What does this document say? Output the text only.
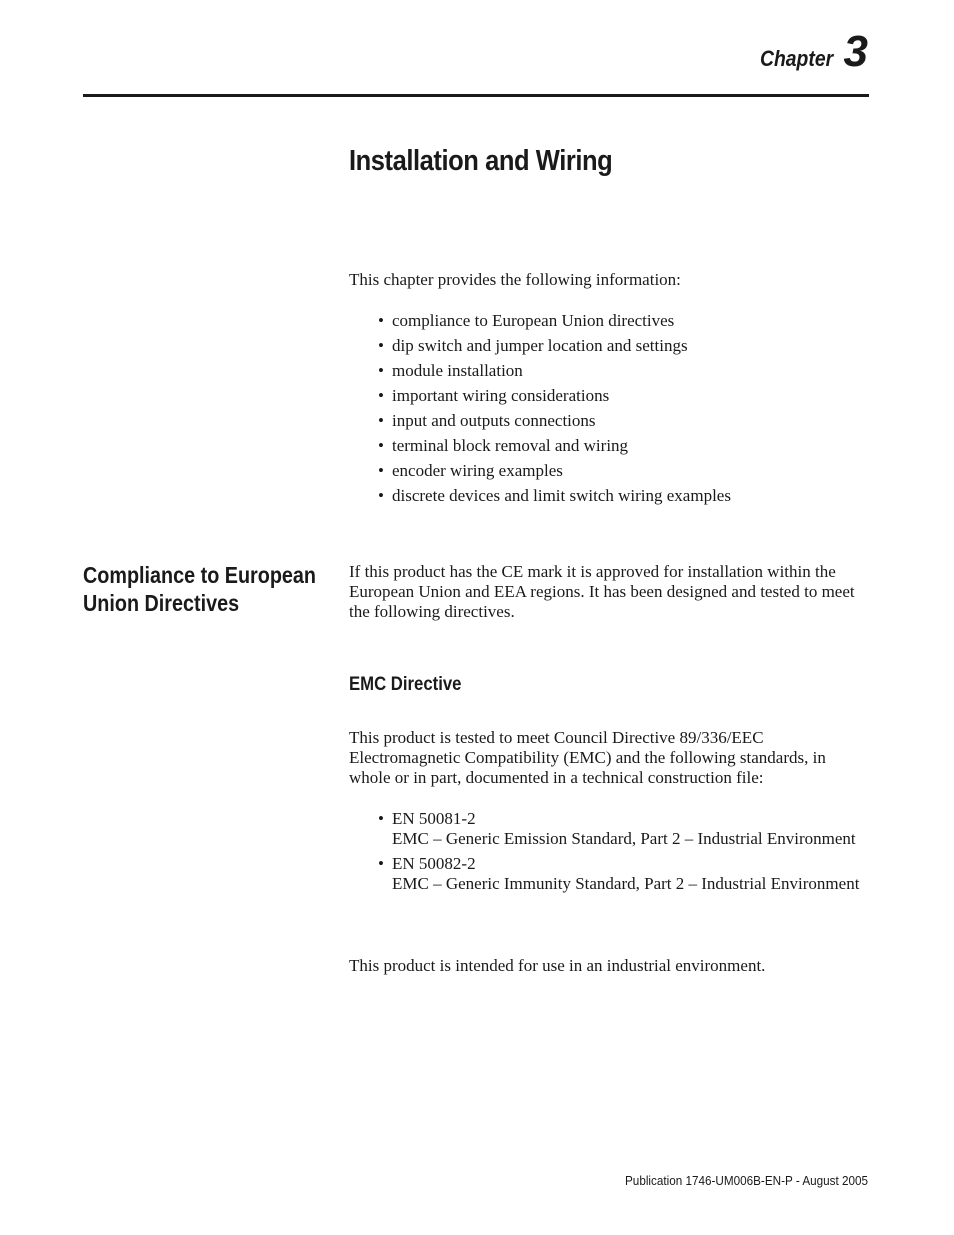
Chapter 3
Installation and Wiring

This chapter provides the following information:

• compliance to European Union directives
• dip switch and jumper location and settings
• module installation
• important wiring considerations
• input and outputs connections
• terminal block removal and wiring
• encoder wiring examples
• discrete devices and limit switch wiring examples
Compliance to European Union Directives

If this product has the CE mark it is approved for installation within the European Union and EEA regions. It has been designed and tested to meet the following directives.

EMC Directive

This product is tested to meet Council Directive 89/336/EEC Electromagnetic Compatibility (EMC) and the following standards, in whole or in part, documented in a technical construction file:

• EN 50081-2
EMC – Generic Emission Standard, Part 2 – Industrial Environment
• EN 50082-2
EMC – Generic Immunity Standard, Part 2 – Industrial Environment

This product is intended for use in an industrial environment.

Publication 1746-UM006B-EN-P - August 2005
